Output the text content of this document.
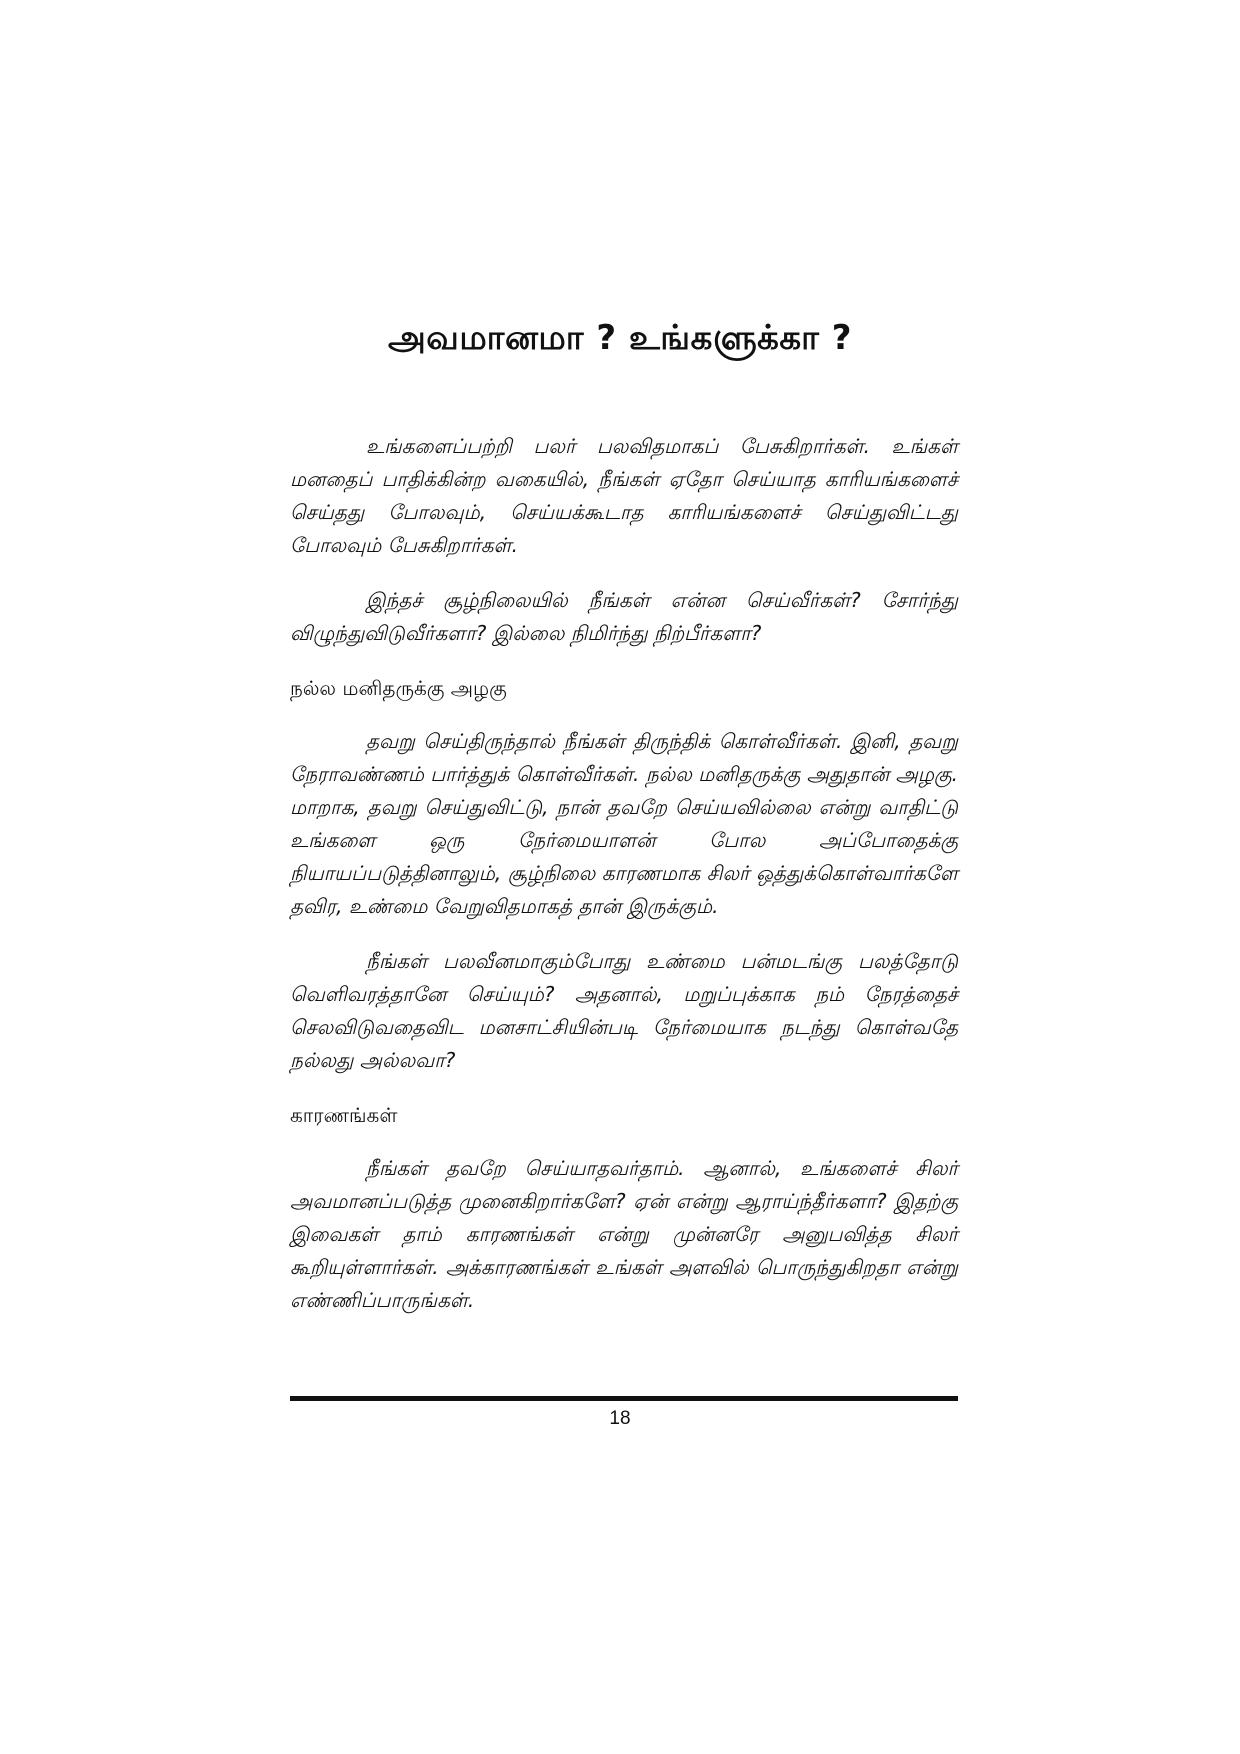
அவமானமா ? உங்களுக்கா ?

உங்களைப்பற்றி பலர் பலவிதமாகப் பேசுகிறார்கள். உங்கள் மனதைப் பாதிக்கின்ற வகையில், நீங்கள் ஏதோ செய்யாத காரியங்களைச் செய்தது போலவும், செய்யக்கூடாத காரியங்களைச் செய்துவிட்டது போலவும் பேசுகிறார்கள்.

இந்தச் சூழ்நிலையில் நீங்கள் என்ன செய்வீர்கள்? சோர்ந்து விழுந்துவிடுவீர்களா? இல்லை நிமிர்ந்து நிற்பீர்களா?

நல்ல மனிதருக்கு அழகு

தவறு செய்திருந்தால் நீங்கள் திருந்திக் கொள்வீர்கள். இனி, தவறு நேராவண்ணம் பார்த்துக் கொள்வீர்கள். நல்ல மனிதருக்கு அதுதான் அழகு. மாறாக, தவறு செய்துவிட்டு, நான் தவறே செய்யவில்லை என்று வாதிட்டு உங்களை ஒரு நேர்மையாளன் போல அப்போதைக்கு நியாயப்படுத்தினாலும், சூழ்நிலை காரணமாக சிலர் ஒத்துக்கொள்வார்களே தவிர, உண்மை வேறுவிதமாகத் தான் இருக்கும்.

நீங்கள் பலவீனமாகும்போது உண்மை பன்மடங்கு பலத்தோடு வெளிவரத்தானே செய்யும்? அதனால், மறுப்புக்காக நம் நேரத்தைச் செலவிடுவதைவிட மனசாட்சியின்படி நேர்மையாக நடந்து கொள்வதே நல்லது அல்லவா?

காரணங்கள்

நீங்கள் தவறே செய்யாதவர்தாம். ஆனால், உங்களைச் சிலர் அவமானப்படுத்த முனைகிறார்களே? ஏன் என்று ஆராய்ந்தீர்களா? இதற்கு இவைகள் தாம் காரணங்கள் என்று முன்னரே அனுபவித்த சிலர் கூறியுள்ளார்கள். அக்காரணங்கள் உங்கள் அளவில் பொருந்துகிறதா என்று எண்ணிப்பாருங்கள்.

18
